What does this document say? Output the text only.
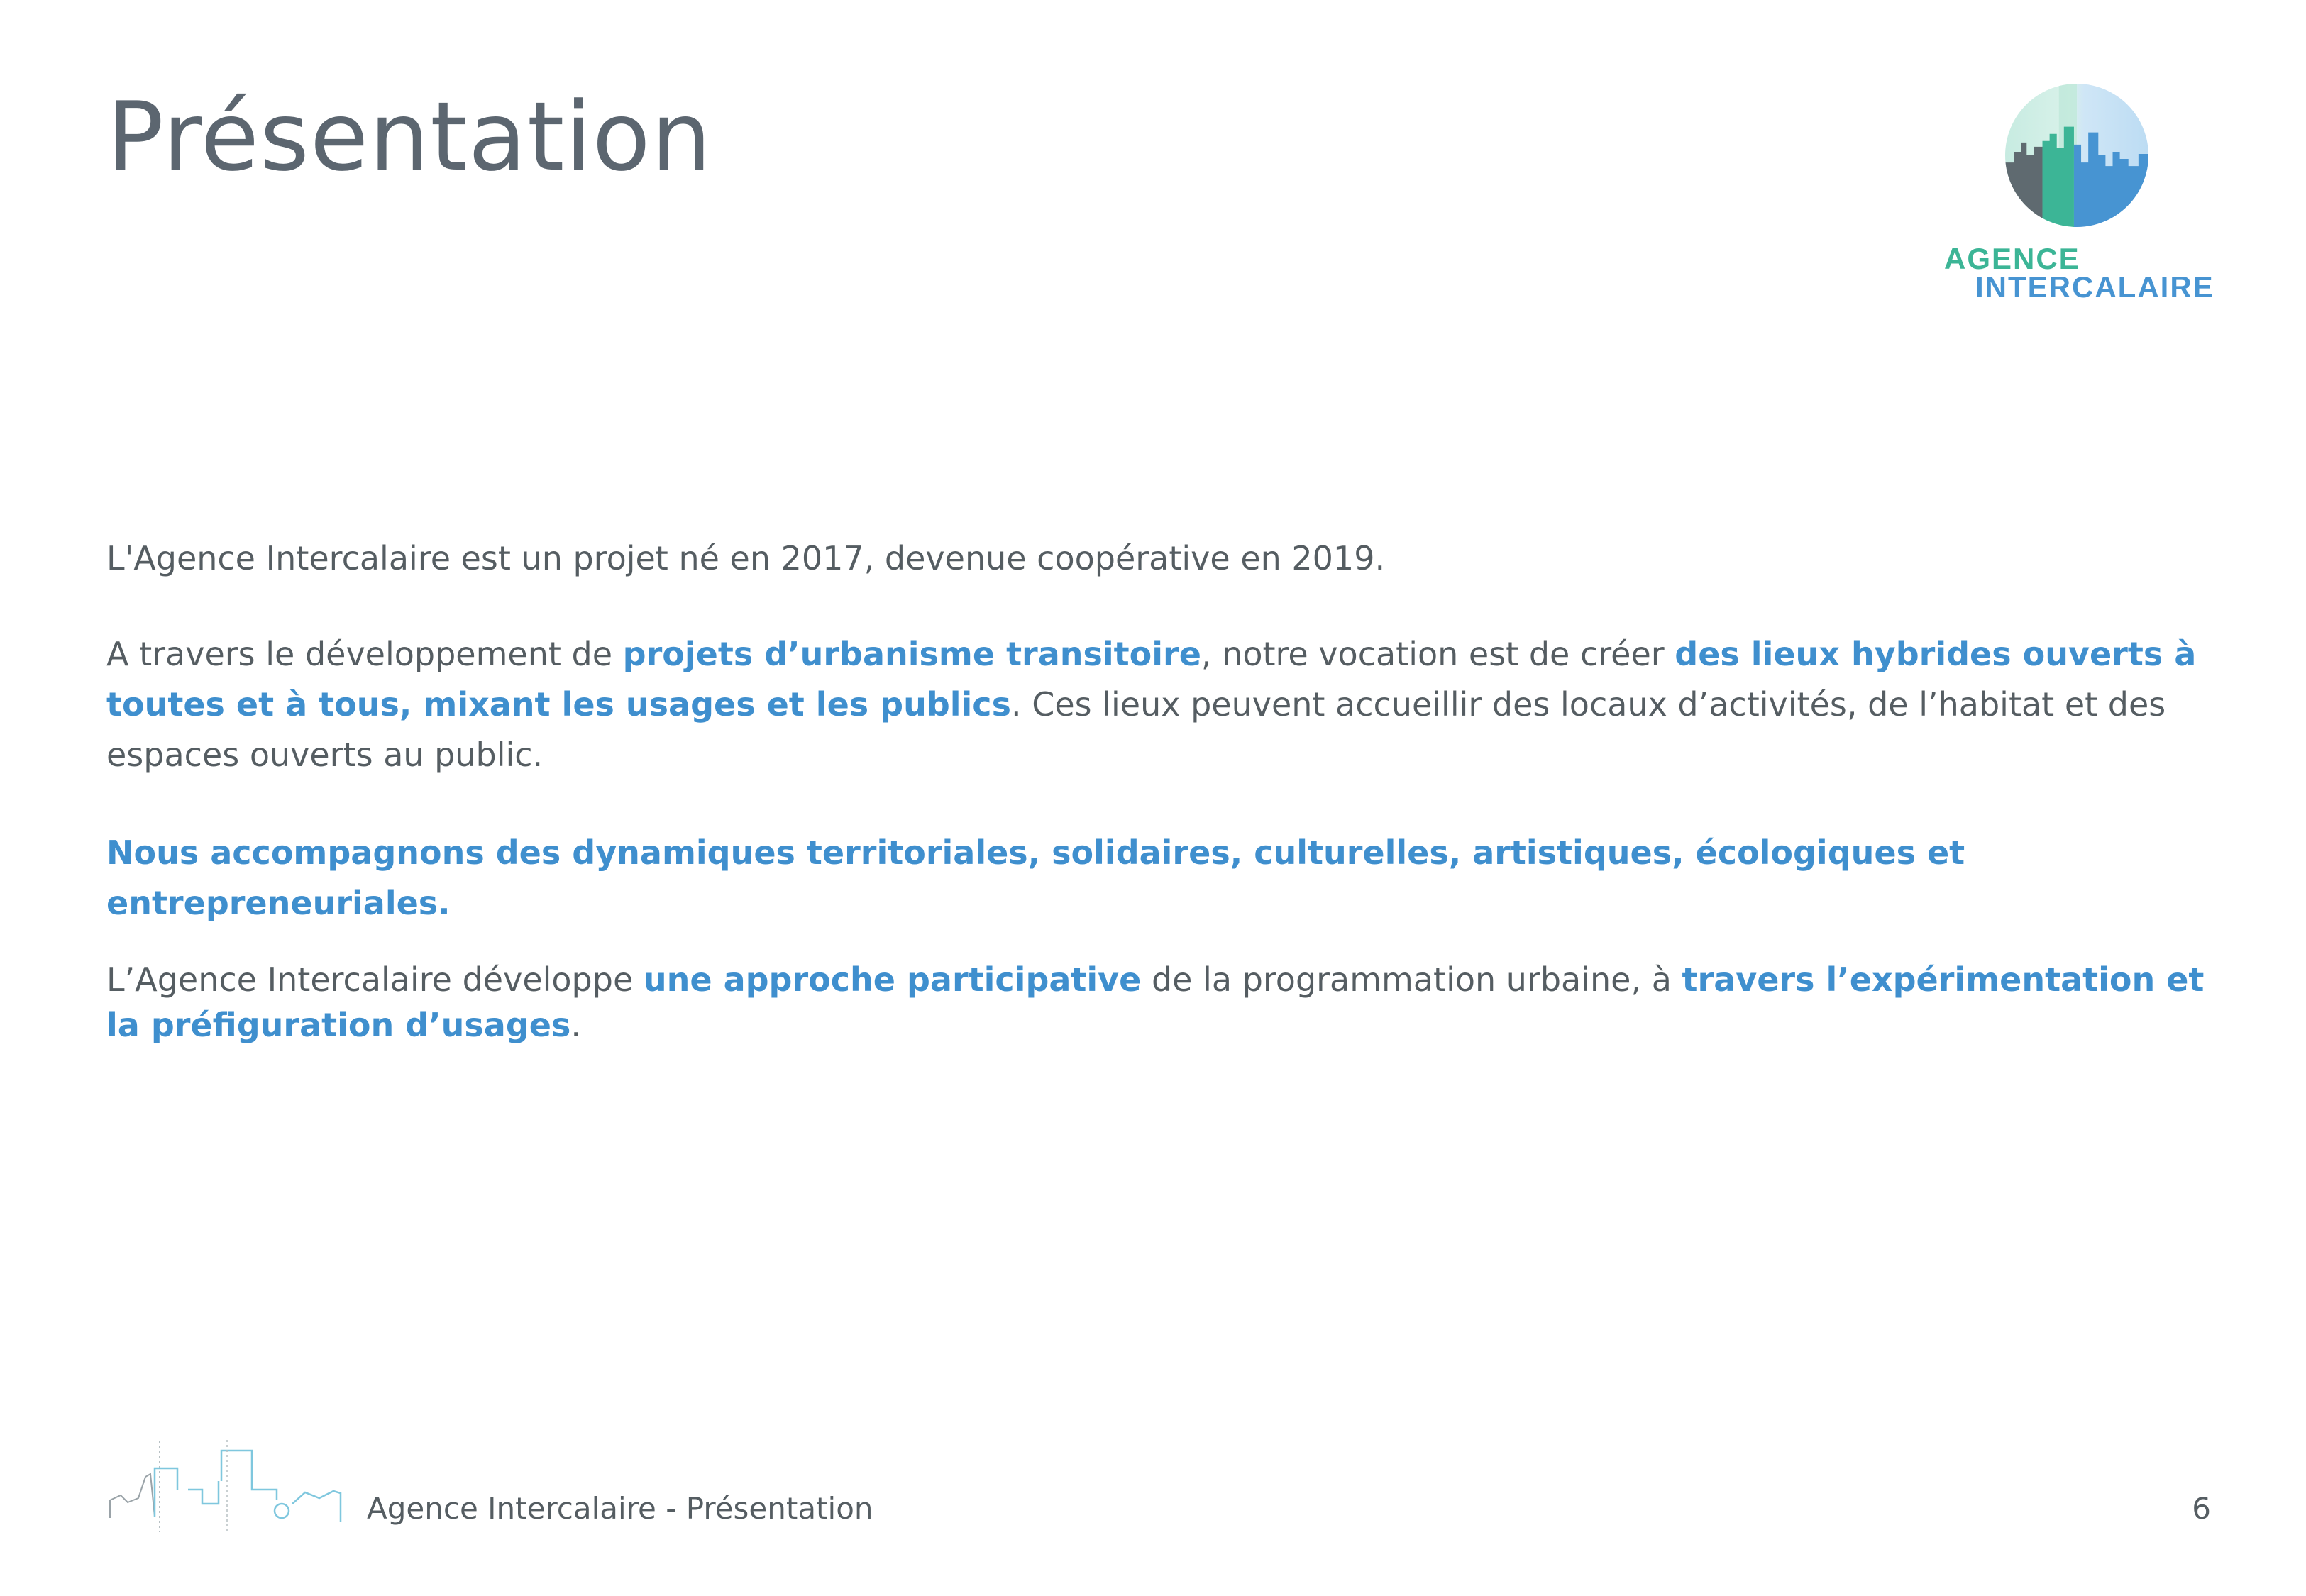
Présentation
AGENCE
INTERCALAIRE

L'Agence Intercalaire est un projet né en 2017, devenue coopérative en 2019.

A travers le développement de projets d’urbanisme transitoire, notre vocation est de créer des lieux hybrides ouverts à toutes et à tous, mixant les usages et les publics. Ces lieux peuvent accueillir des locaux d’activités, de l’habitat et des espaces ouverts au public.

Nous accompagnons des dynamiques territoriales, solidaires, culturelles, artistiques, écologiques et entrepreneuriales.

L’Agence Intercalaire développe une approche participative de la programmation urbaine, à travers l’expérimentation et la préfiguration d’usages.

Agence Intercalaire - Présentation	6
